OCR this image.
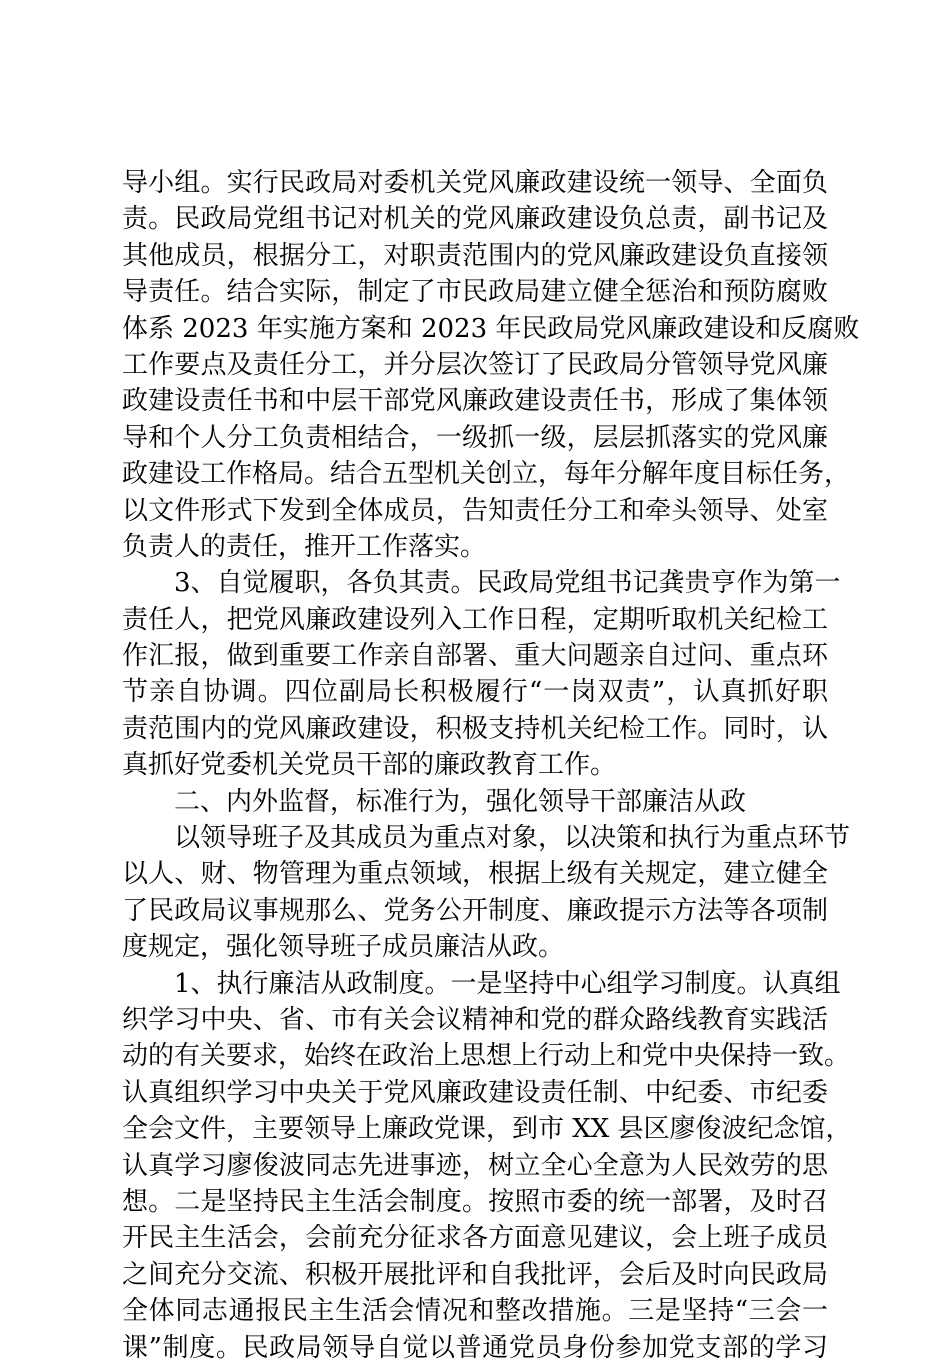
导小组。实行民政局对委机关党风廉政建设统一领导、全面负
责。民政局党组书记对机关的党风廉政建设负总责，副书记及
其他成员，根据分工，对职责范围内的党风廉政建设负直接领
导责任。结合实际，制定了市民政局建立健全惩治和预防腐败
体系 2023 年实施方案和 2023 年民政局党风廉政建设和反腐败
工作要点及责任分工，并分层次签订了民政局分管领导党风廉
政建设责任书和中层干部党风廉政建设责任书，形成了集体领
导和个人分工负责相结合，一级抓一级，层层抓落实的党风廉
政建设工作格局。结合五型机关创立，每年分解年度目标任务，
以文件形式下发到全体成员，告知责任分工和牵头领导、处室
负责人的责任，推开工作落实。
3、自觉履职，各负其责。民政局党组书记龚贵亨作为第一
责任人，把党风廉政建设列入工作日程，定期听取机关纪检工
作汇报，做到重要工作亲自部署、重大问题亲自过问、重点环
节亲自协调。四位副局长积极履行“一岗双责”，认真抓好职
责范围内的党风廉政建设，积极支持机关纪检工作。同时，认
真抓好党委机关党员干部的廉政教育工作。
二、内外监督，标准行为，强化领导干部廉洁从政
以领导班子及其成员为重点对象，以决策和执行为重点环节
以人、财、物管理为重点领域，根据上级有关规定，建立健全
了民政局议事规那么、党务公开制度、廉政提示方法等各项制
度规定，强化领导班子成员廉洁从政。
1、执行廉洁从政制度。一是坚持中心组学习制度。认真组
织学习中央、省、市有关会议精神和党的群众路线教育实践活
动的有关要求，始终在政治上思想上行动上和党中央保持一致。
认真组织学习中央关于党风廉政建设责任制、中纪委、市纪委
全会文件，主要领导上廉政党课，到市 XX 县区廖俊波纪念馆，
认真学习廖俊波同志先进事迹，树立全心全意为人民效劳的思
想。二是坚持民主生活会制度。按照市委的统一部署，及时召
开民主生活会，会前充分征求各方面意见建议，会上班子成员
之间充分交流、积极开展批评和自我批评，会后及时向民政局
全体同志通报民主生活会情况和整改措施。三是坚持“三会一
课”制度。民政局领导自觉以普通党员身份参加党支部的学习
